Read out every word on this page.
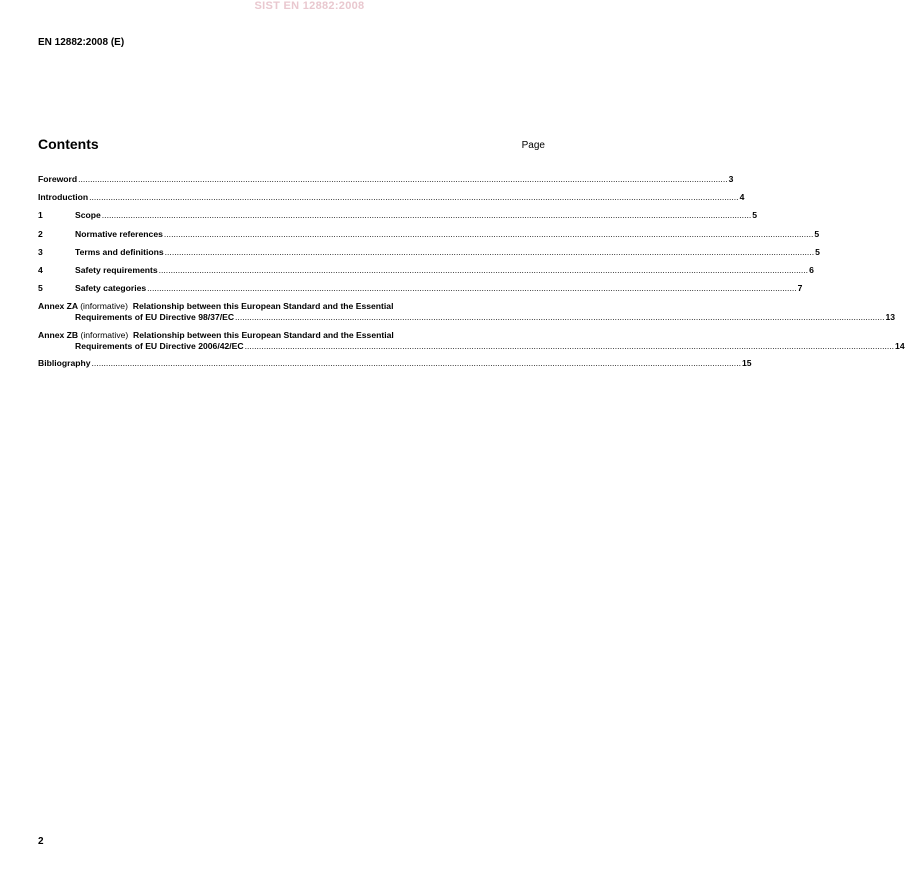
SIST EN 12882:2008
EN 12882:2008 (E)
Contents	Page
Foreword .....	3
Introduction .....	4
1	Scope .....	5
2	Normative references .....	5
3	Terms and definitions .....	5
4	Safety requirements .....	6
5	Safety categories .....	7
Annex ZA (informative) Relationship between this European Standard and the Essential
Requirements of EU Directive 98/37/EC .....	13
Annex ZB (informative) Relationship between this European Standard and the Essential
Requirements of EU Directive 2006/42/EC .....	14
Bibliography .....	15
2
